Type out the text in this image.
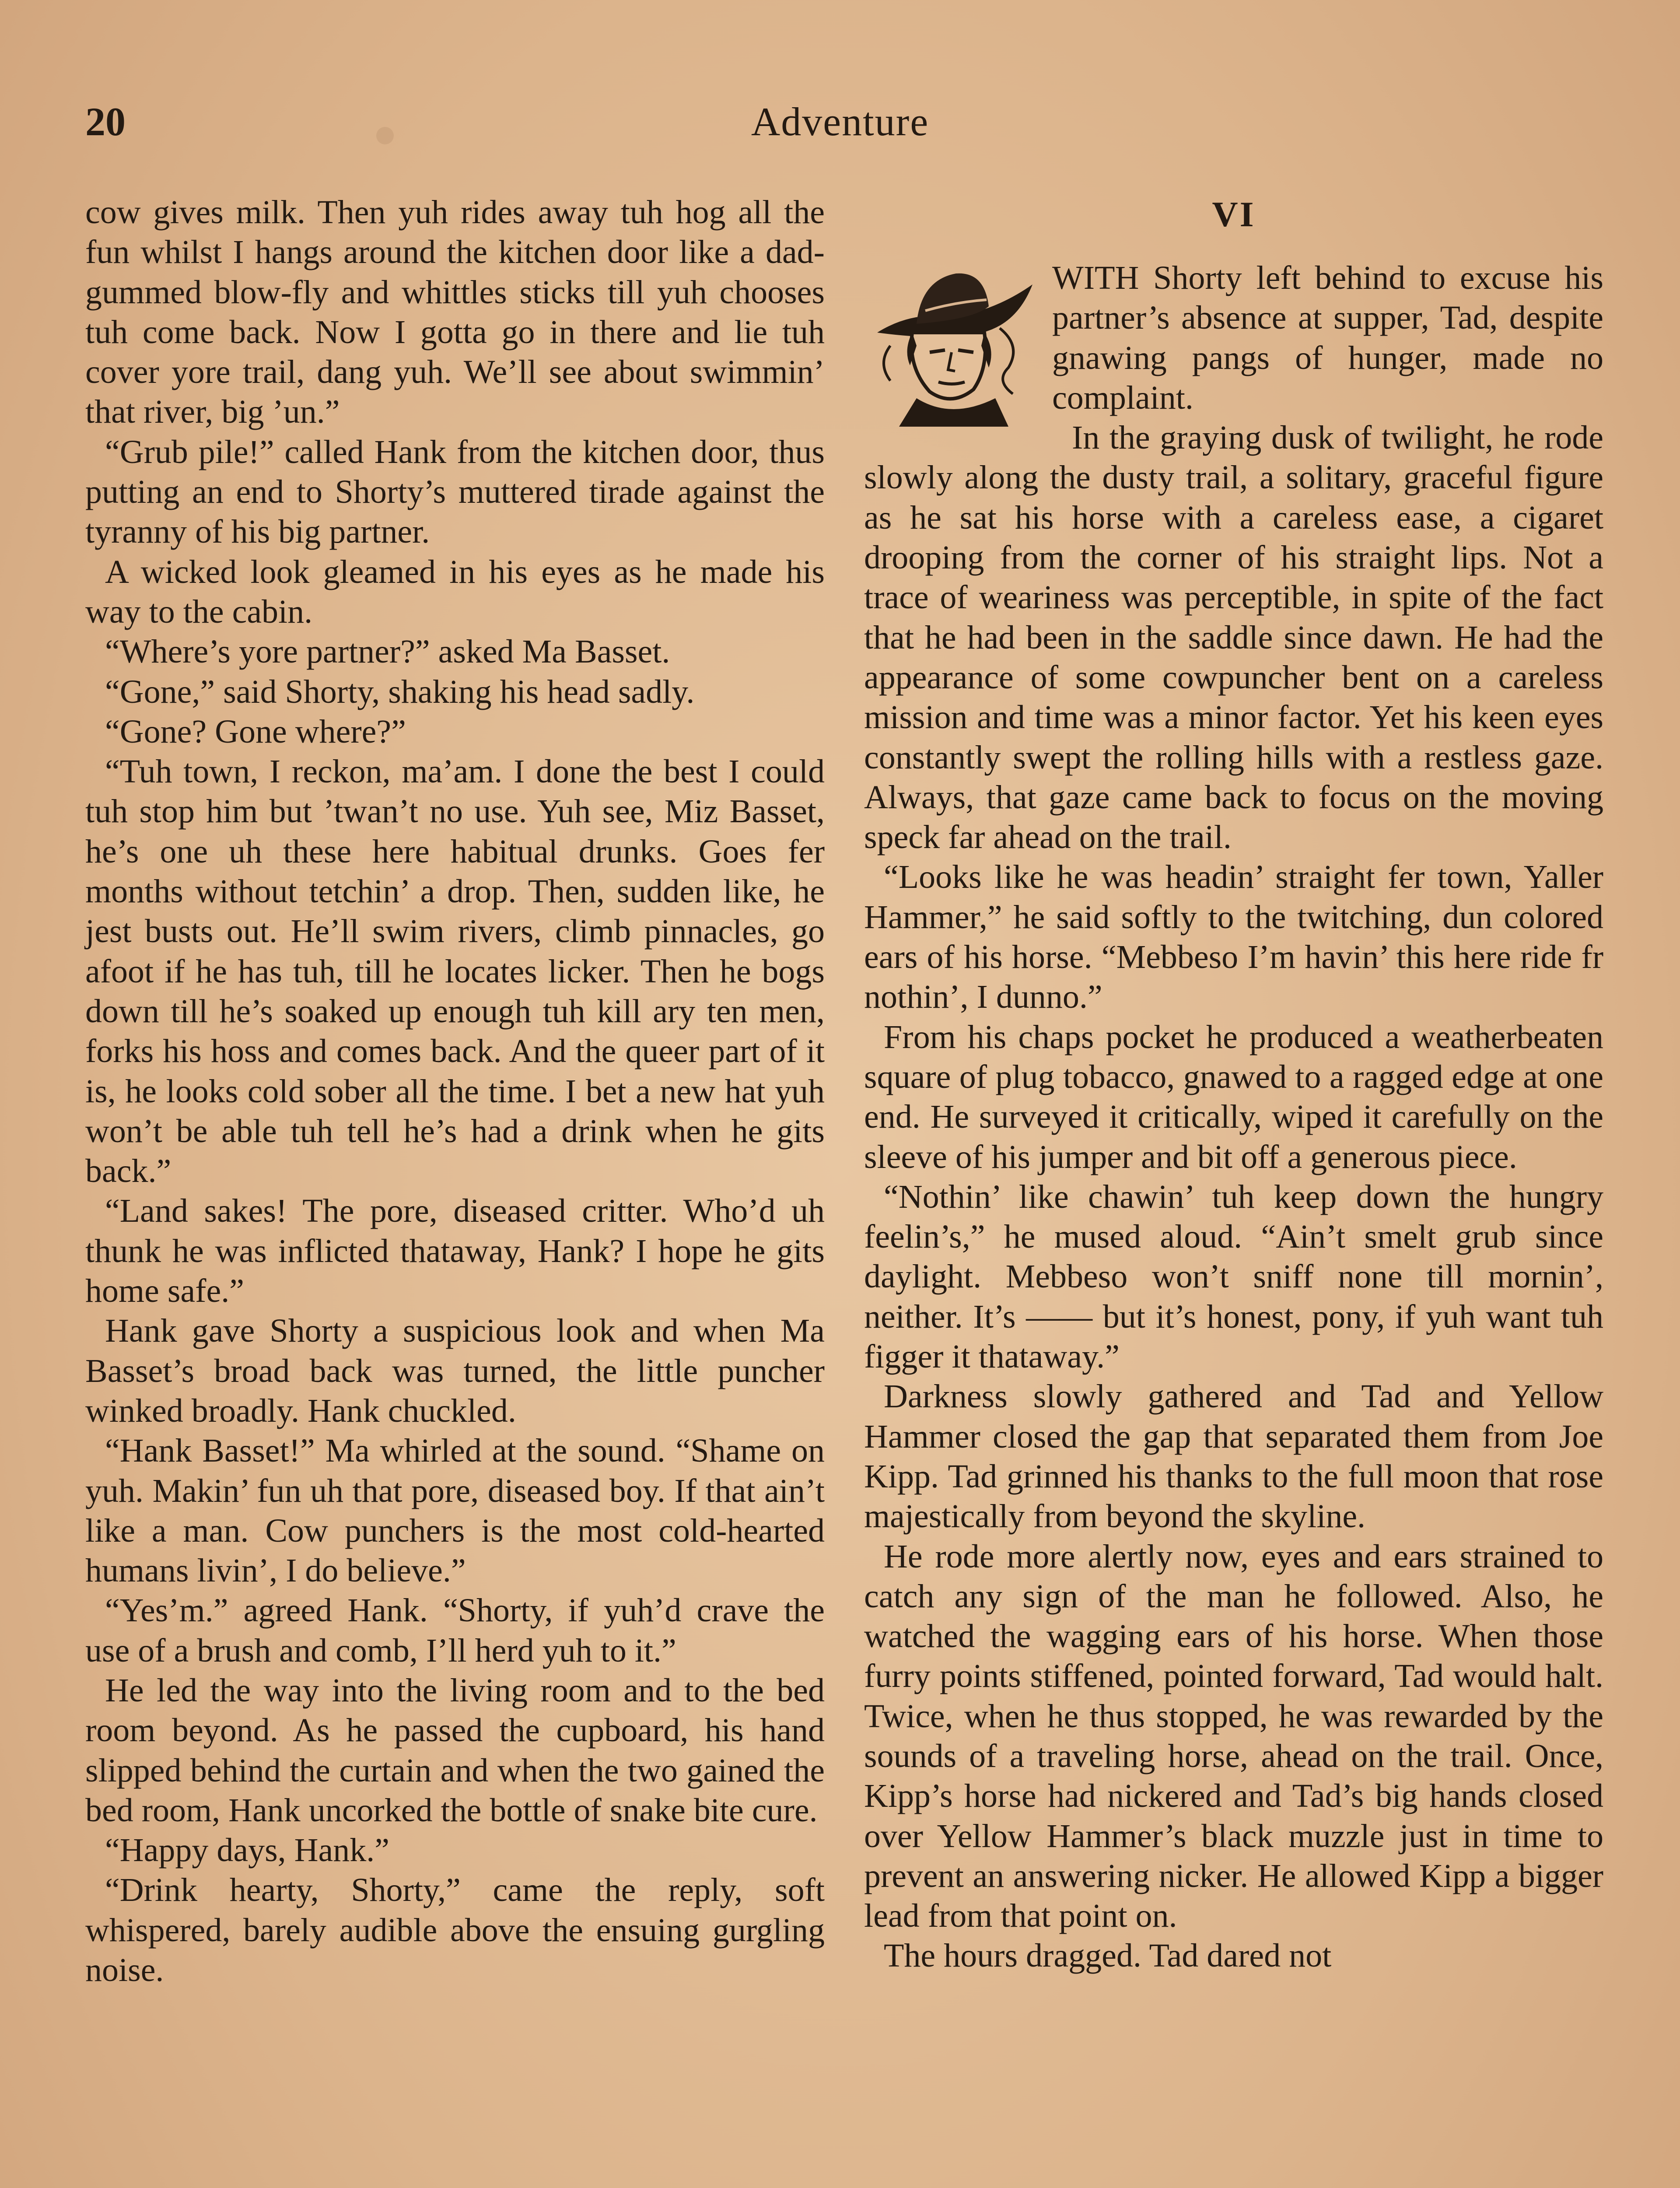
20	Adventure

cow gives milk. Then yuh rides away tuh hog all the fun whilst I hangs around the kitchen door like a dad-gummed blow-fly and whittles sticks till yuh chooses tuh come back. Now I gotta go in there and lie tuh cover yore trail, dang yuh. We’ll see about swimmin’ that river, big ’un.”

“Grub pile!” called Hank from the kitchen door, thus putting an end to Shorty’s muttered tirade against the tyranny of his big partner.

A wicked look gleamed in his eyes as he made his way to the cabin.

“Where’s yore partner?” asked Ma Basset.

“Gone,” said Shorty, shaking his head sadly.

“Gone? Gone where?”

“Tuh town, I reckon, ma’am. I done the best I could tuh stop him but ’twan’t no use. Yuh see, Miz Basset, he’s one uh these here habitual drunks. Goes fer months without tetchin’ a drop. Then, sudden like, he jest busts out. He’ll swim rivers, climb pinnacles, go afoot if he has tuh, till he locates licker. Then he bogs down till he’s soaked up enough tuh kill ary ten men, forks his hoss and comes back. And the queer part of it is, he looks cold sober all the time. I bet a new hat yuh won’t be able tuh tell he’s had a drink when he gits back.”

“Land sakes! The pore, diseased critter. Who’d uh thunk he was inflicted thataway, Hank? I hope he gits home safe.”

Hank gave Shorty a suspicious look and when Ma Basset’s broad back was turned, the little puncher winked broadly. Hank chuckled.

“Hank Basset!” Ma whirled at the sound. “Shame on yuh. Makin’ fun uh that pore, diseased boy. If that ain’t like a man. Cow punchers is the most cold-hearted humans livin’, I do believe.”

“Yes’m.” agreed Hank. “Shorty, if yuh’d crave the use of a brush and comb, I’ll herd yuh to it.”

He led the way into the living room and to the bed room beyond. As he passed the cupboard, his hand slipped behind the curtain and when the two gained the bed room, Hank uncorked the bottle of snake bite cure.

“Happy days, Hank.”

“Drink hearty, Shorty,” came the reply, soft whispered, barely audible above the ensuing gurgling noise.

VI

WITH Shorty left behind to excuse his partner’s absence at supper, Tad, despite gnawing pangs of hunger, made no complaint.

In the graying dusk of twilight, he rode slowly along the dusty trail, a solitary, graceful figure as he sat his horse with a careless ease, a cigaret drooping from the corner of his straight lips. Not a trace of weariness was perceptible, in spite of the fact that he had been in the saddle since dawn. He had the appearance of some cowpuncher bent on a careless mission and time was a minor factor. Yet his keen eyes constantly swept the rolling hills with a restless gaze. Always, that gaze came back to focus on the moving speck far ahead on the trail.

“Looks like he was headin’ straight fer town, Yaller Hammer,” he said softly to the twitching, dun colored ears of his horse. “Mebbeso I’m havin’ this here ride fr nothin’, I dunno.”

From his chaps pocket he produced a weatherbeaten square of plug tobacco, gnawed to a ragged edge at one end. He surveyed it critically, wiped it carefully on the sleeve of his jumper and bit off a generous piece.

“Nothin’ like chawin’ tuh keep down the hungry feelin’s,” he mused aloud. “Ain’t smelt grub since daylight. Mebbeso won’t sniff none till mornin’, neither. It’s —— but it’s honest, pony, if yuh want tuh figger it thataway.”

Darkness slowly gathered and Tad and Yellow Hammer closed the gap that separated them from Joe Kipp. Tad grinned his thanks to the full moon that rose majestically from beyond the skyline.

He rode more alertly now, eyes and ears strained to catch any sign of the man he followed. Also, he watched the wagging ears of his horse. When those furry points stiffened, pointed forward, Tad would halt. Twice, when he thus stopped, he was rewarded by the sounds of a traveling horse, ahead on the trail. Once, Kipp’s horse had nickered and Tad’s big hands closed over Yellow Hammer’s black muzzle just in time to prevent an answering nicker. He allowed Kipp a bigger lead from that point on.

The hours dragged. Tad dared not
